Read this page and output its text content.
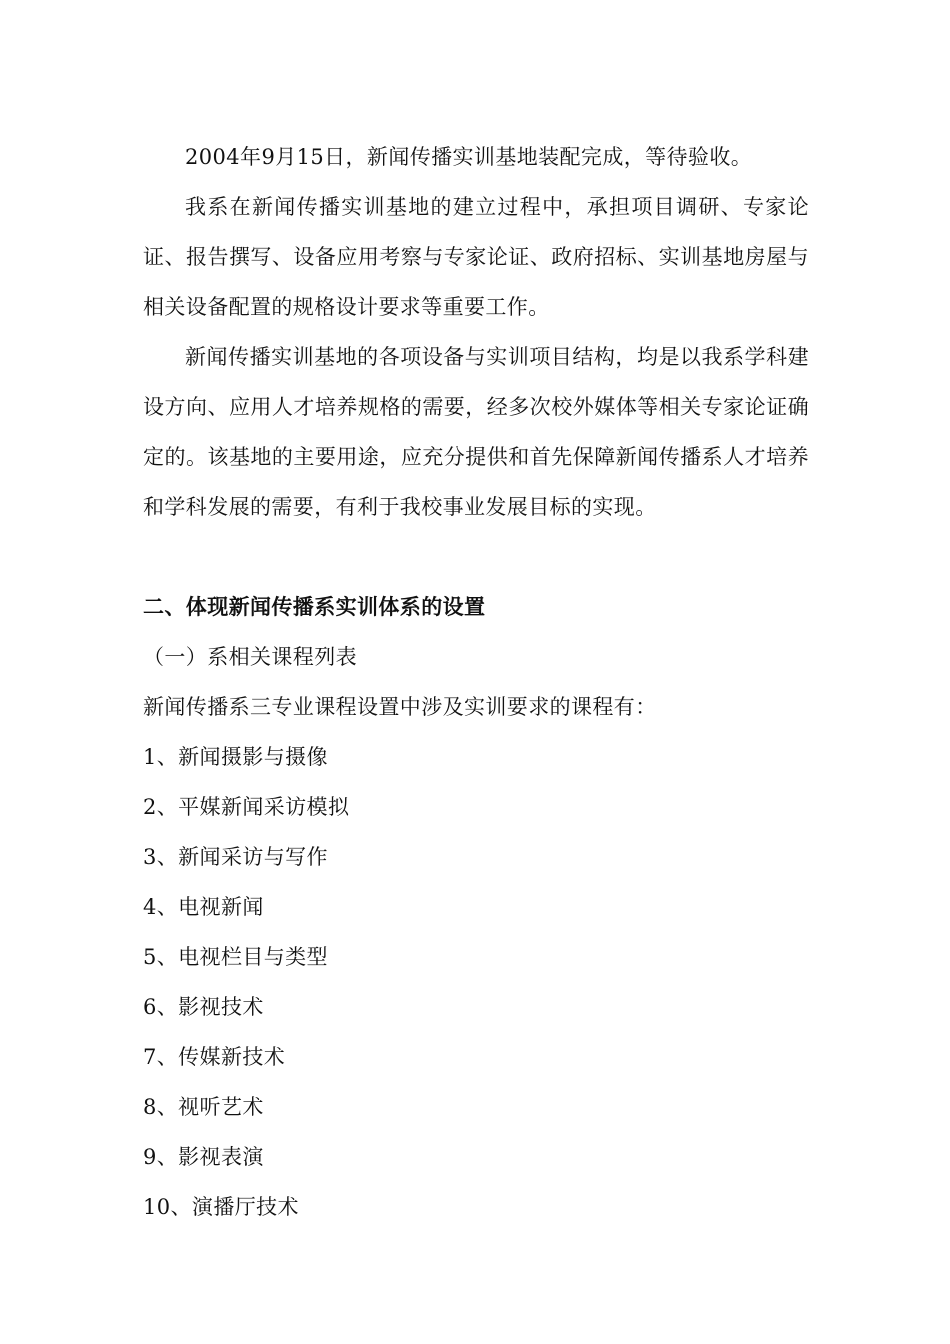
2004年9月15日，新闻传播实训基地装配完成，等待验收。

我系在新闻传播实训基地的建立过程中，承担项目调研、专家论证、报告撰写、设备应用考察与专家论证、政府招标、实训基地房屋与相关设备配置的规格设计要求等重要工作。

新闻传播实训基地的各项设备与实训项目结构，均是以我系学科建设方向、应用人才培养规格的需要，经多次校外媒体等相关专家论证确定的。该基地的主要用途，应充分提供和首先保障新闻传播系人才培养和学科发展的需要，有利于我校事业发展目标的实现。

二、体现新闻传播系实训体系的设置

（一）系相关课程列表

新闻传播系三专业课程设置中涉及实训要求的课程有：

1、新闻摄影与摄像
2、平媒新闻采访模拟
3、新闻采访与写作
4、电视新闻
5、电视栏目与类型
6、影视技术
7、传媒新技术
8、视听艺术
9、影视表演
10、演播厅技术
